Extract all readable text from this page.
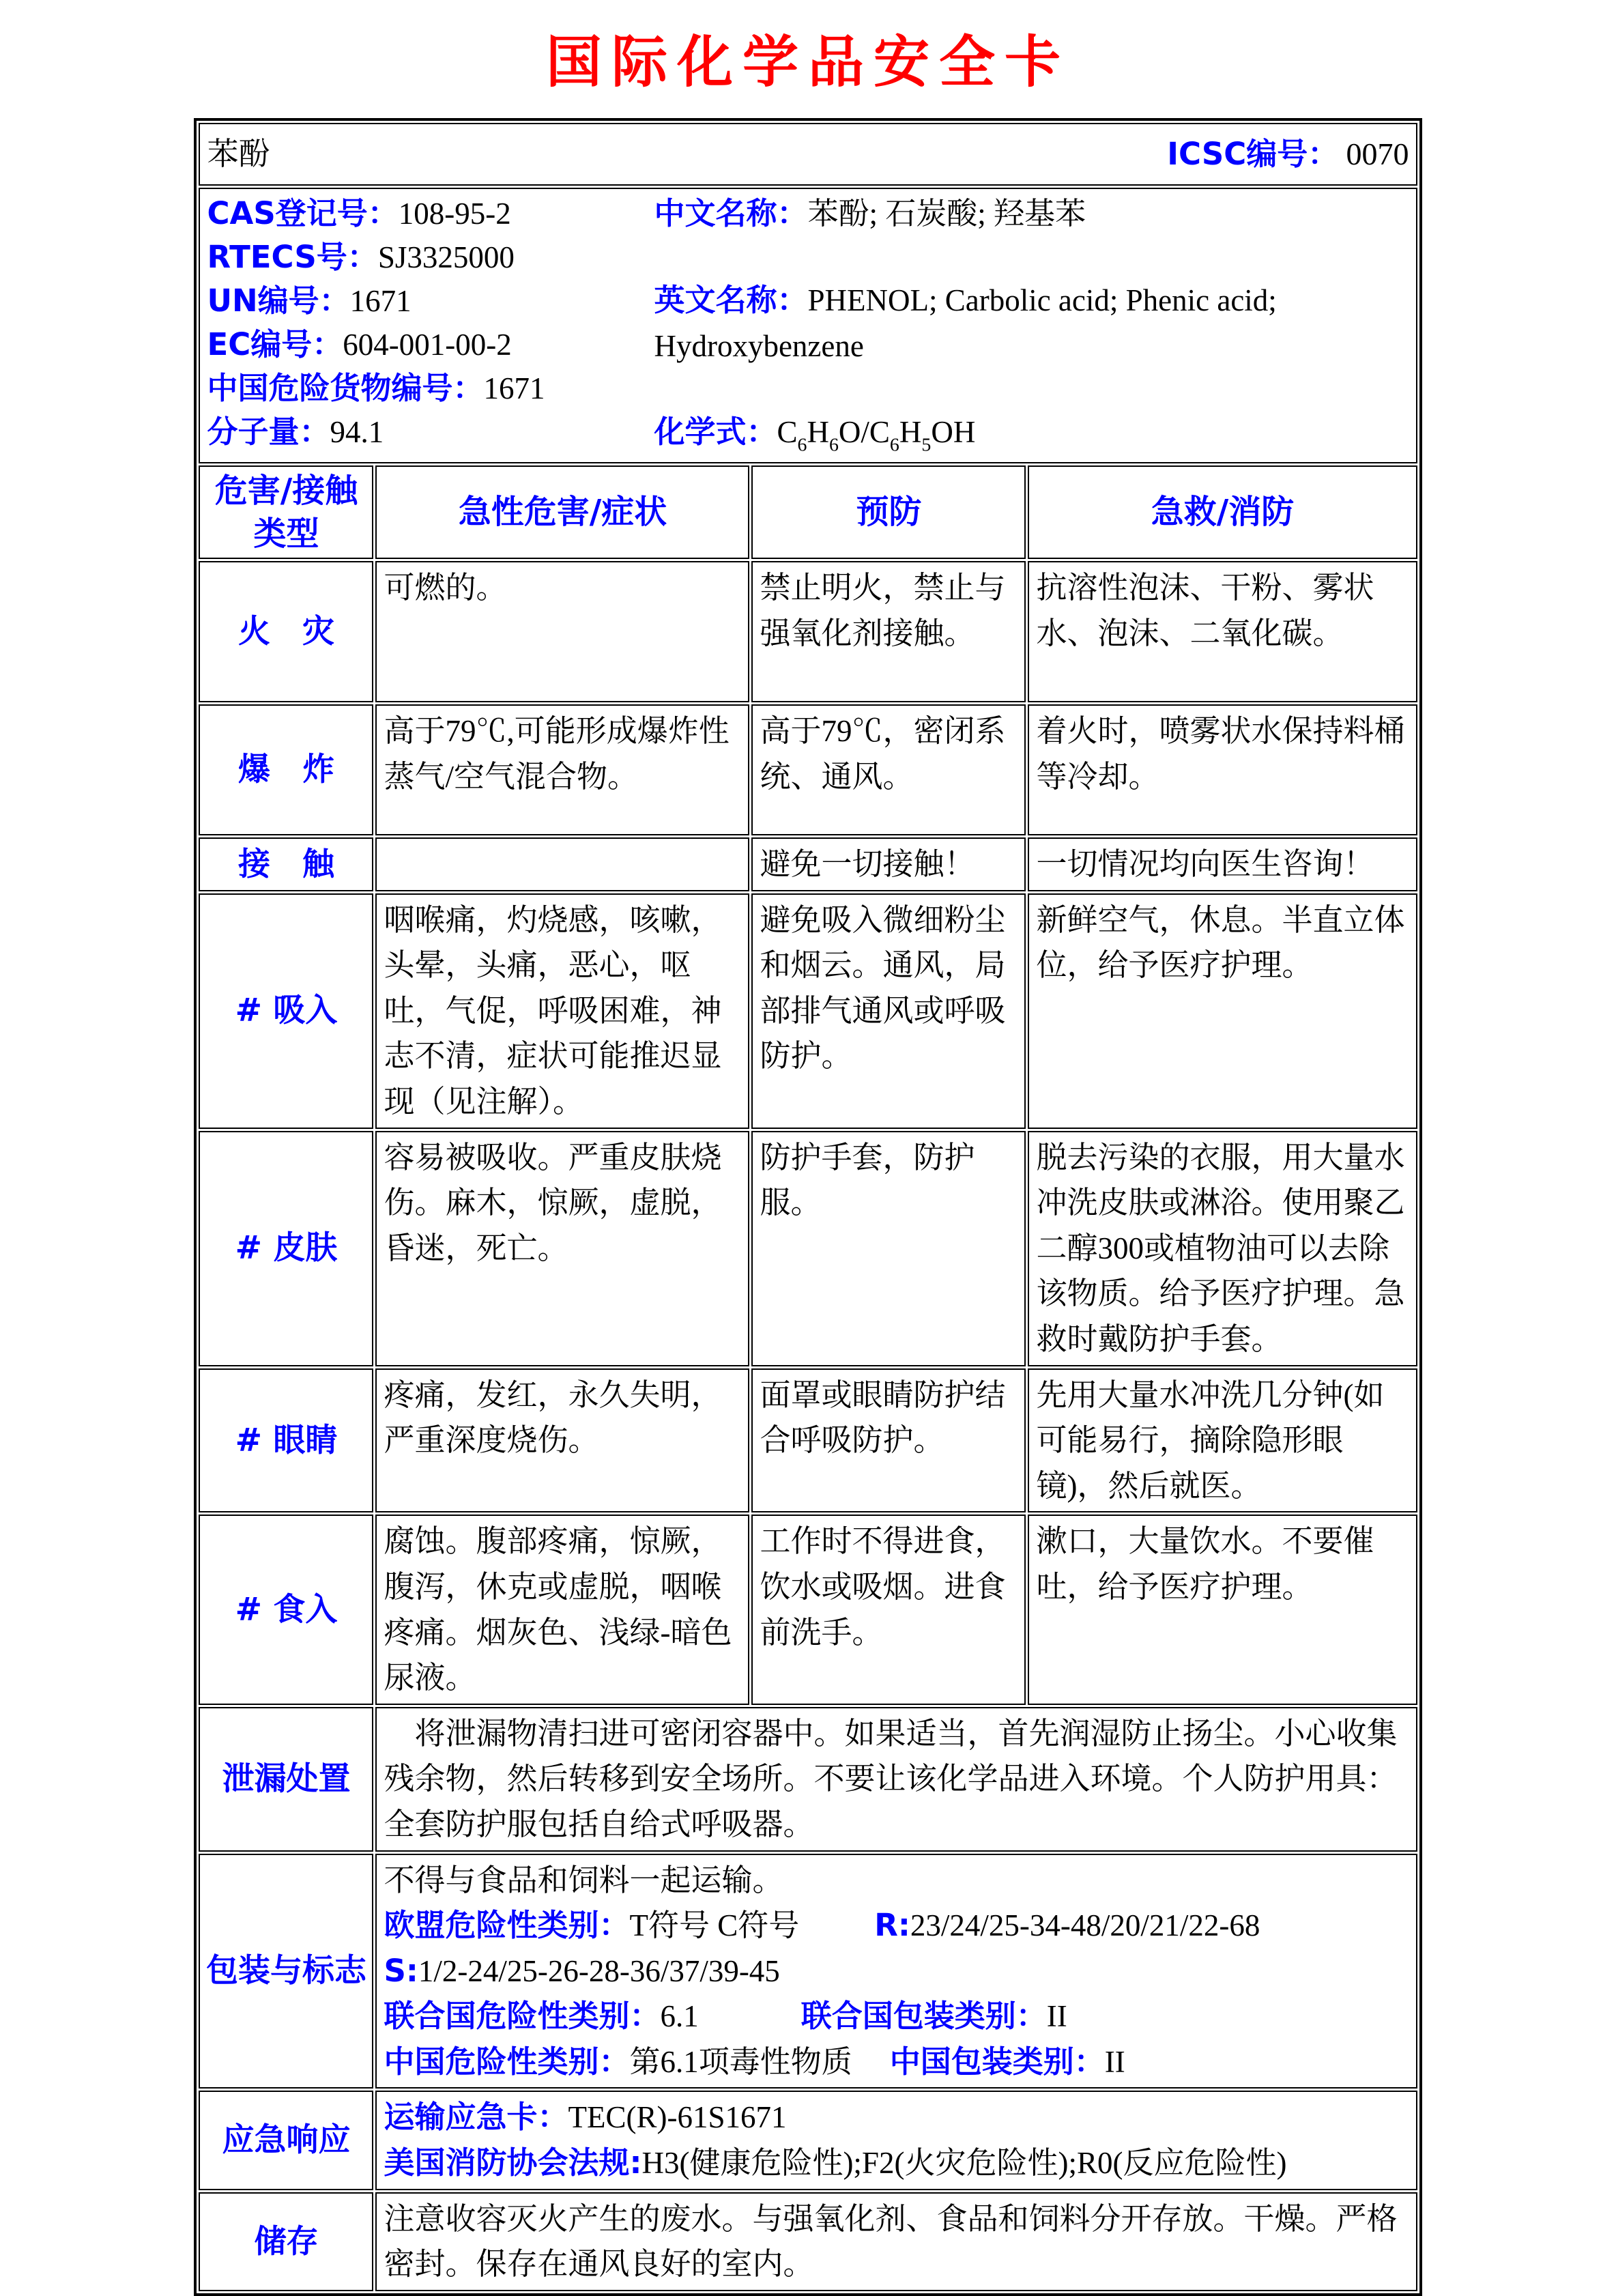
国际化学品安全卡
苯酚 ICSC编号： 0070			

CAS登记号：108-95-2
RTECS号：SJ3325000
UN编号：1671
EC编号：604-001-00-2
中国危险货物编号：1671
分子量：94.1
中文名称：苯酚; 石炭酸; 羟基苯
英文名称：PHENOL; Carbolic acid; Phenic acid; Hydroxybenzene
化学式：$C_6H_6O/C_6H_5OH$

危害/接触
类型	急性危害/症状	预防	急救/消防
火　灾	可燃的。	禁止明火，禁止与强氧化剂接触。	抗溶性泡沫、干粉、雾状水、泡沫、二氧化碳。
爆　炸	高于79℃,可能形成爆炸性蒸气/空气混合物。	高于79℃，密闭系统、通风。	着火时，喷雾状水保持料桶等冷却。
接　触		避免一切接触！	一切情况均向医生咨询！
# 吸入	咽喉痛，灼烧感，咳嗽，头晕，头痛，恶心，呕吐，气促，呼吸困难，神志不清，症状可能推迟显现（见注解）。	避免吸入微细粉尘和烟云。通风，局部排气通风或呼吸防护。	新鲜空气，休息。半直立体位，给予医疗护理。
# 皮肤	容易被吸收。严重皮肤烧伤。麻木，惊厥，虚脱，昏迷，死亡。	防护手套，防护服。	脱去污染的衣服，用大量水冲洗皮肤或淋浴。使用聚乙二醇300或植物油可以去除该物质。给予医疗护理。急救时戴防护手套。
# 眼睛	疼痛，发红，永久失明，严重深度烧伤。	面罩或眼睛防护结合呼吸防护。	先用大量水冲洗几分钟(如可能易行，摘除隐形眼镜)，然后就医。
# 食入	腐蚀。腹部疼痛，惊厥，腹泻，休克或虚脱，咽喉疼痛。烟灰色、浅绿-暗色尿液。	工作时不得进食，饮水或吸烟。进食前洗手。	漱口，大量饮水。不要催吐，给予医疗护理。
泄漏处置	　将泄漏物清扫进可密闭容器中。如果适当，首先润湿防止扬尘。小心收集残余物，然后转移到安全场所。不要让该化学品进入环境。个人防护用具：全套防护服包括自给式呼吸器。		
包装与标志	不得与食品和饲料一起运输。
欧盟危险性类别：T符号 C符号 R:23/24/25-34-48/20/21/22-68
S:1/2-24/25-26-28-36/37/39-45
联合国危险性类别：6.1 联合国包装类别：II
中国危险性类别：第6.1项毒性物质 中国包装类别：II		

应急响应	运输应急卡：TEC(R)-61S1671
美国消防协会法规:H3(健康危险性);F2(火灾危险性);R0(反应危险性)		

储存	注意收容灭火产生的废水。与强氧化剂、食品和饲料分开存放。干燥。严格密封。保存在通风良好的室内。		
